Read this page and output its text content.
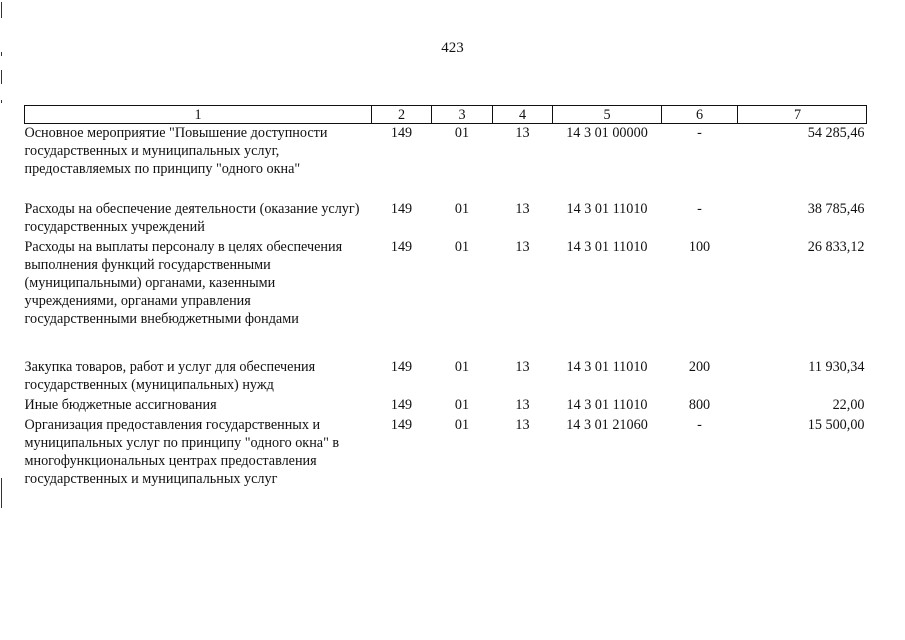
423
1	2	3	4	5	6	7
Основное мероприятие "Повышение доступности государственных и муниципальных услуг, предоставляемых по принципу "одного окна"	149	01	13	14 3 01 00000	-	54 285,46
Расходы на обеспечение деятельности (оказание услуг) государственных учреждений	149	01	13	14 3 01 11010	-	38 785,46
Расходы на выплаты персоналу в целях обеспечения выполнения функций государственными (муниципальными) органами, казенными учреждениями, органами управления государственными внебюджетными фондами	149	01	13	14 3 01 11010	100	26 833,12
Закупка товаров, работ и услуг для обеспечения государственных (муниципальных) нужд	149	01	13	14 3 01 11010	200	11 930,34
Иные бюджетные ассигнования	149	01	13	14 3 01 11010	800	22,00
Организация предоставления государственных и муниципальных услуг по принципу "одного окна" в многофункциональных центрах предоставления государственных и муниципальных услуг	149	01	13	14 3 01 21060	-	15 500,00
